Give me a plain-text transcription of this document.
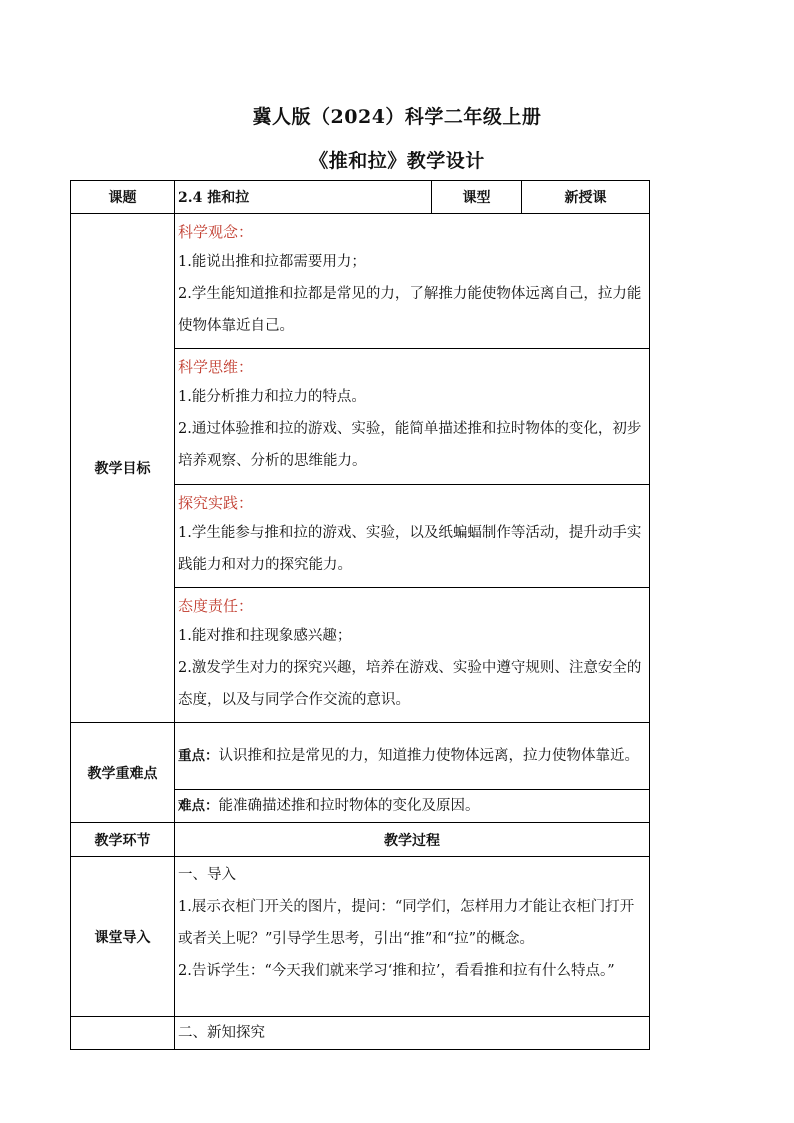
冀人版（2024）科学二年级上册
《推和拉》教学设计
课题	2.4 推和拉	课型	新授课
教学目标	科学观念：
1.能说出推和拉都需要用力；
2.学生能知道推和拉都是常见的力，了解推力能使物体远离自己，拉力能使物体靠近自己。		

	科学思维：
1.能分析推力和拉力的特点。
2.通过体验推和拉的游戏、实验，能简单描述推和拉时物体的变化，初步培养观察、分析的思维能力。		

	探究实践：
1.学生能参与推和拉的游戏、实验，以及纸蝙蝠制作等活动，提升动手实践能力和对力的探究能力。		

	态度责任：
1.能对推和拄现象感兴趣；
2.激发学生对力的探究兴趣，培养在游戏、实验中遵守规则、注意安全的态度，以及与同学合作交流的意识。		

教学重难点	重点：认识推和拉是常见的力，知道推力使物体远离，拉力使物体靠近。		

	难点：能准确描述推和拉时物体的变化及原因。		

教学环节	教学过程		
课堂导入	一、导入
1.展示衣柜门开关的图片，提问：“同学们，怎样用力才能让衣柜门打开或者关上呢？”引导学生思考，引出“推”和“拉”的概念。
2.告诉学生：“今天我们就来学习‘推和拉’，看看推和拉有什么特点。”		

	二、新知探究		
